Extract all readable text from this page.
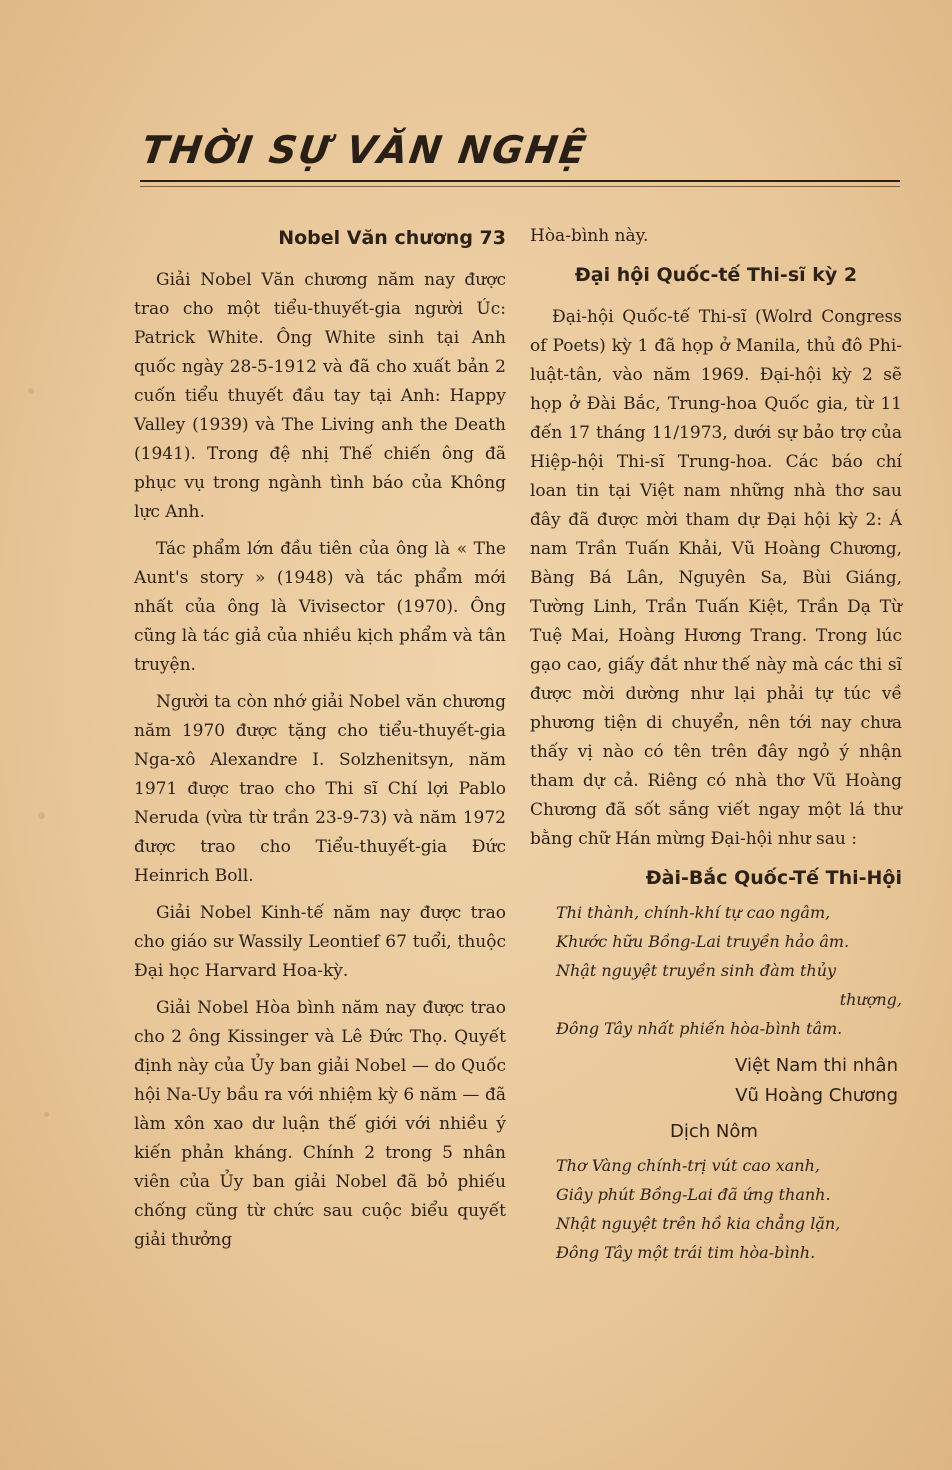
THỜI SỰ VĂN NGHỆ
Nobel Văn chương 73

Giải Nobel Văn chương năm nay được trao cho một tiểu-thuyết-gia người Úc: Patrick White. Ông White sinh tại Anh quốc ngày 28-5-1912 và đã cho xuất bản 2 cuốn tiểu thuyết đầu tay tại Anh: Happy Valley (1939) và The Living anh the Death (1941). Trong đệ nhị Thế chiến ông đã phục vụ trong ngành tình báo của Không lực Anh.

Tác phẩm lớn đầu tiên của ông là « The Aunt's story » (1948) và tác phẩm mới nhất của ông là Vivisector (1970). Ông cũng là tác giả của nhiều kịch phẩm và tân truyện.

Người ta còn nhớ giải Nobel văn chương năm 1970 được tặng cho tiểu-thuyết-gia Nga-xô Alexandre I. Solzhenitsyn, năm 1971 được trao cho Thi sĩ Chí lợi Pablo Neruda (vừa từ trần 23-9-73) và năm 1972 được trao cho Tiểu-thuyết-gia Đức Heinrich Boll.

Giải Nobel Kinh-tế năm nay được trao cho giáo sư Wassily Leontief 67 tuổi, thuộc Đại học Harvard Hoa-kỳ.

Giải Nobel Hòa bình năm nay được trao cho 2 ông Kissinger và Lê Đức Thọ. Quyết định này của Ủy ban giải Nobel — do Quốc hội Na-Uy bầu ra với nhiệm kỳ 6 năm — đã làm xôn xao dư luận thế giới với nhiều ý kiến phản kháng. Chính 2 trong 5 nhân viên của Ủy ban giải Nobel đã bỏ phiếu chống cũng từ chức sau cuộc biểu quyết giải thưởng

Hòa-bình này.

Đại hội Quốc-tế Thi-sĩ kỳ 2

Đại-hội Quốc-tế Thi-sĩ (Wolrd Congress of Poets) kỳ 1 đã họp ở Manila, thủ đô Phi-luật-tân, vào năm 1969. Đại-hội kỳ 2 sẽ họp ở Đài Bắc, Trung-hoa Quốc gia, từ 11 đến 17 tháng 11/1973, dưới sự bảo trợ của Hiệp-hội Thi-sĩ Trung-hoa. Các báo chí loan tin tại Việt nam những nhà thơ sau đây đã được mời tham dự Đại hội kỳ 2: Á nam Trần Tuấn Khải, Vũ Hoàng Chương, Bàng Bá Lân, Nguyên Sa, Bùi Giáng, Tường Linh, Trần Tuấn Kiệt, Trần Dạ Từ Tuệ Mai, Hoàng Hương Trang. Trong lúc gạo cao, giấy đắt như thế này mà các thi sĩ được mời dường như lại phải tự túc về phương tiện di chuyển, nên tới nay chưa thấy vị nào có tên trên đây ngỏ ý nhận tham dự cả. Riêng có nhà thơ Vũ Hoàng Chương đã sốt sắng viết ngay một lá thư bằng chữ Hán mừng Đại-hội như sau :

Đài-Bắc Quốc-Tế Thi-Hội
Thi thành, chính-khí tự cao ngâm,
Khước hữu Bồng-Lai truyền hảo âm.
Nhật nguyệt truyền sinh đàm thủy
thượng,
Đông Tây nhất phiến hòa-bình tâm.
Việt Nam thi nhân
Vũ Hoàng Chương
Dịch Nôm
Thơ Vàng chính-trị vút cao xanh,
Giây phút Bồng-Lai đã ứng thanh.
Nhật nguyệt trên hồ kia chẳng lặn,
Đông Tây một trái tim hòa-bình.
